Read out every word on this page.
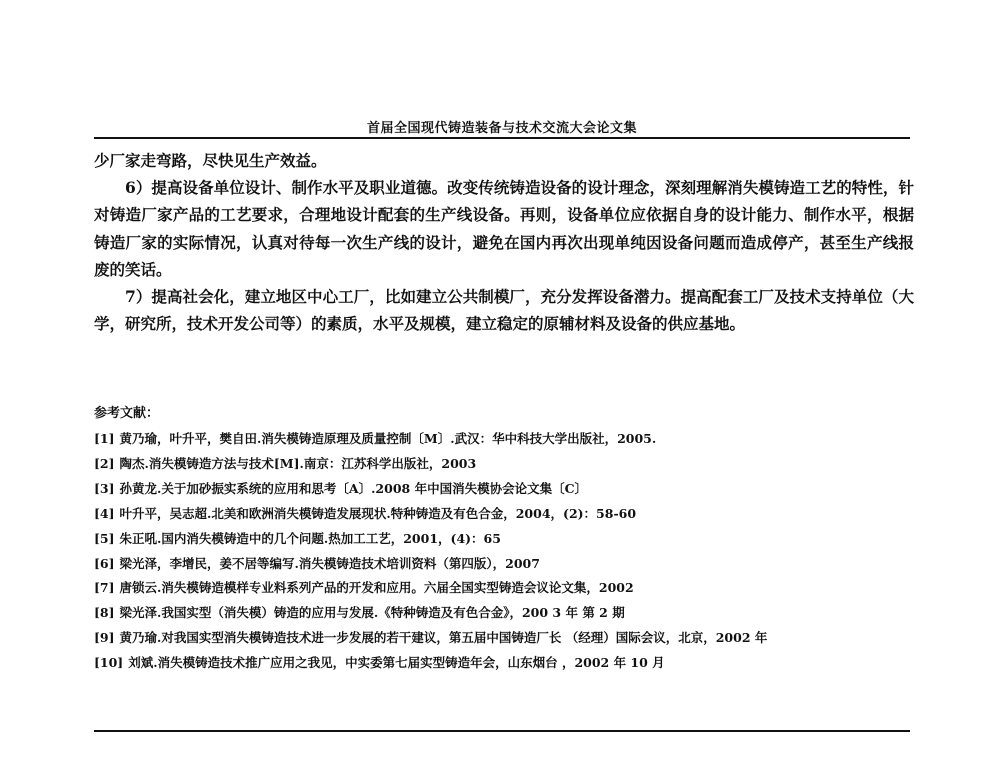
首届全国现代铸造装备与技术交流大会论文集

少厂家走弯路，尽快见生产效益。

6）提高设备单位设计、制作水平及职业道德。改变传统铸造设备的设计理念，深刻理解消失模铸造工艺的特性，针对铸造厂家产品的工艺要求，合理地设计配套的生产线设备。再则，设备单位应依据自身的设计能力、制作水平，根据铸造厂家的实际情况，认真对待每一次生产线的设计，避免在国内再次出现单纯因设备问题而造成停产，甚至生产线报废的笑话。

7）提高社会化，建立地区中心工厂，比如建立公共制模厂，充分发挥设备潜力。提高配套工厂及技术支持单位（大学，研究所，技术开发公司等）的素质，水平及规模，建立稳定的原辅材料及设备的供应基地。

参考文献：
[1] 黄乃瑜，叶升平，樊自田.消失模铸造原理及质量控制〔M〕.武汉：华中科技大学出版社，2005.
[2] 陶杰.消失模铸造方法与技术[M].南京：江苏科学出版社，2003
[3] 孙黄龙.关于加砂振实系统的应用和思考〔A〕.2008 年中国消失模协会论文集〔C〕
[4] 叶升平，吴志超.北美和欧洲消失模铸造发展现状.特种铸造及有色合金，2004，(2)：58-60
[5] 朱正吼.国内消失模铸造中的几个问题.热加工工艺，2001，(4)：65
[6] 梁光泽，李增民，姜不居等编写.消失模铸造技术培训资料（第四版），2007
[7] 唐锁云.消失模铸造模样专业料系列产品的开发和应用。六届全国实型铸造会议论文集，2002
[8] 梁光泽.我国实型（消失模）铸造的应用与发展.《特种铸造及有色合金》，200 3 年 第 2 期
[9] 黄乃瑜.对我国实型消失模铸造技术进一步发展的若干建议，第五届中国铸造厂长 （经理）国际会议，北京，2002 年
[10] 刘斌.消失模铸造技术推广应用之我见，中实委第七届实型铸造年会，山东烟台 ，2002 年 10 月
